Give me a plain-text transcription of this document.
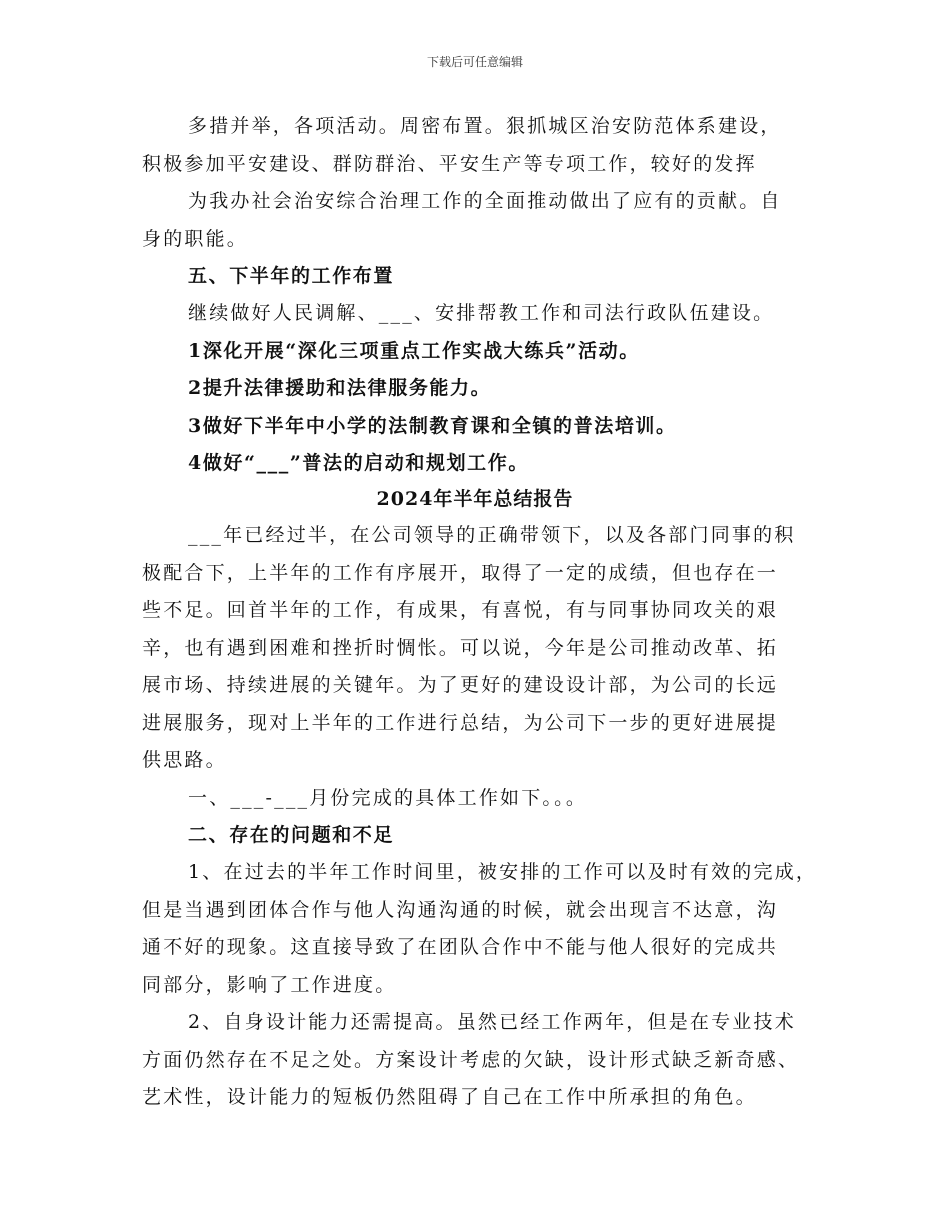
下载后可任意编辑
多措并举，各项活动。周密布置。狠抓城区治安防范体系建设，
积极参加平安建设、群防群治、平安生产等专项工作，较好的发挥
为我办社会治安综合治理工作的全面推动做出了应有的贡献。自
身的职能。
五、下半年的工作布置
继续做好人民调解、___、安排帮教工作和司法行政队伍建设。
1深化开展“深化三项重点工作实战大练兵”活动。
2提升法律援助和法律服务能力。
3做好下半年中小学的法制教育课和全镇的普法培训。
4做好“___”普法的启动和规划工作。
2024年半年总结报告
___年已经过半，在公司领导的正确带领下，以及各部门同事的积
极配合下，上半年的工作有序展开，取得了一定的成绩，但也存在一
些不足。回首半年的工作，有成果，有喜悦，有与同事协同攻关的艰
辛，也有遇到困难和挫折时惆怅。可以说，今年是公司推动改革、拓
展市场、持续进展的关键年。为了更好的建设设计部，为公司的长远
进展服务，现对上半年的工作进行总结，为公司下一步的更好进展提
供思路。
一、___-___月份完成的具体工作如下。。。
二、存在的问题和不足
1、在过去的半年工作时间里，被安排的工作可以及时有效的完成，
但是当遇到团体合作与他人沟通沟通的时候，就会出现言不达意，沟
通不好的现象。这直接导致了在团队合作中不能与他人很好的完成共
同部分，影响了工作进度。
2、自身设计能力还需提高。虽然已经工作两年，但是在专业技术
方面仍然存在不足之处。方案设计考虑的欠缺，设计形式缺乏新奇感、
艺术性，设计能力的短板仍然阻碍了自己在工作中所承担的角色。
